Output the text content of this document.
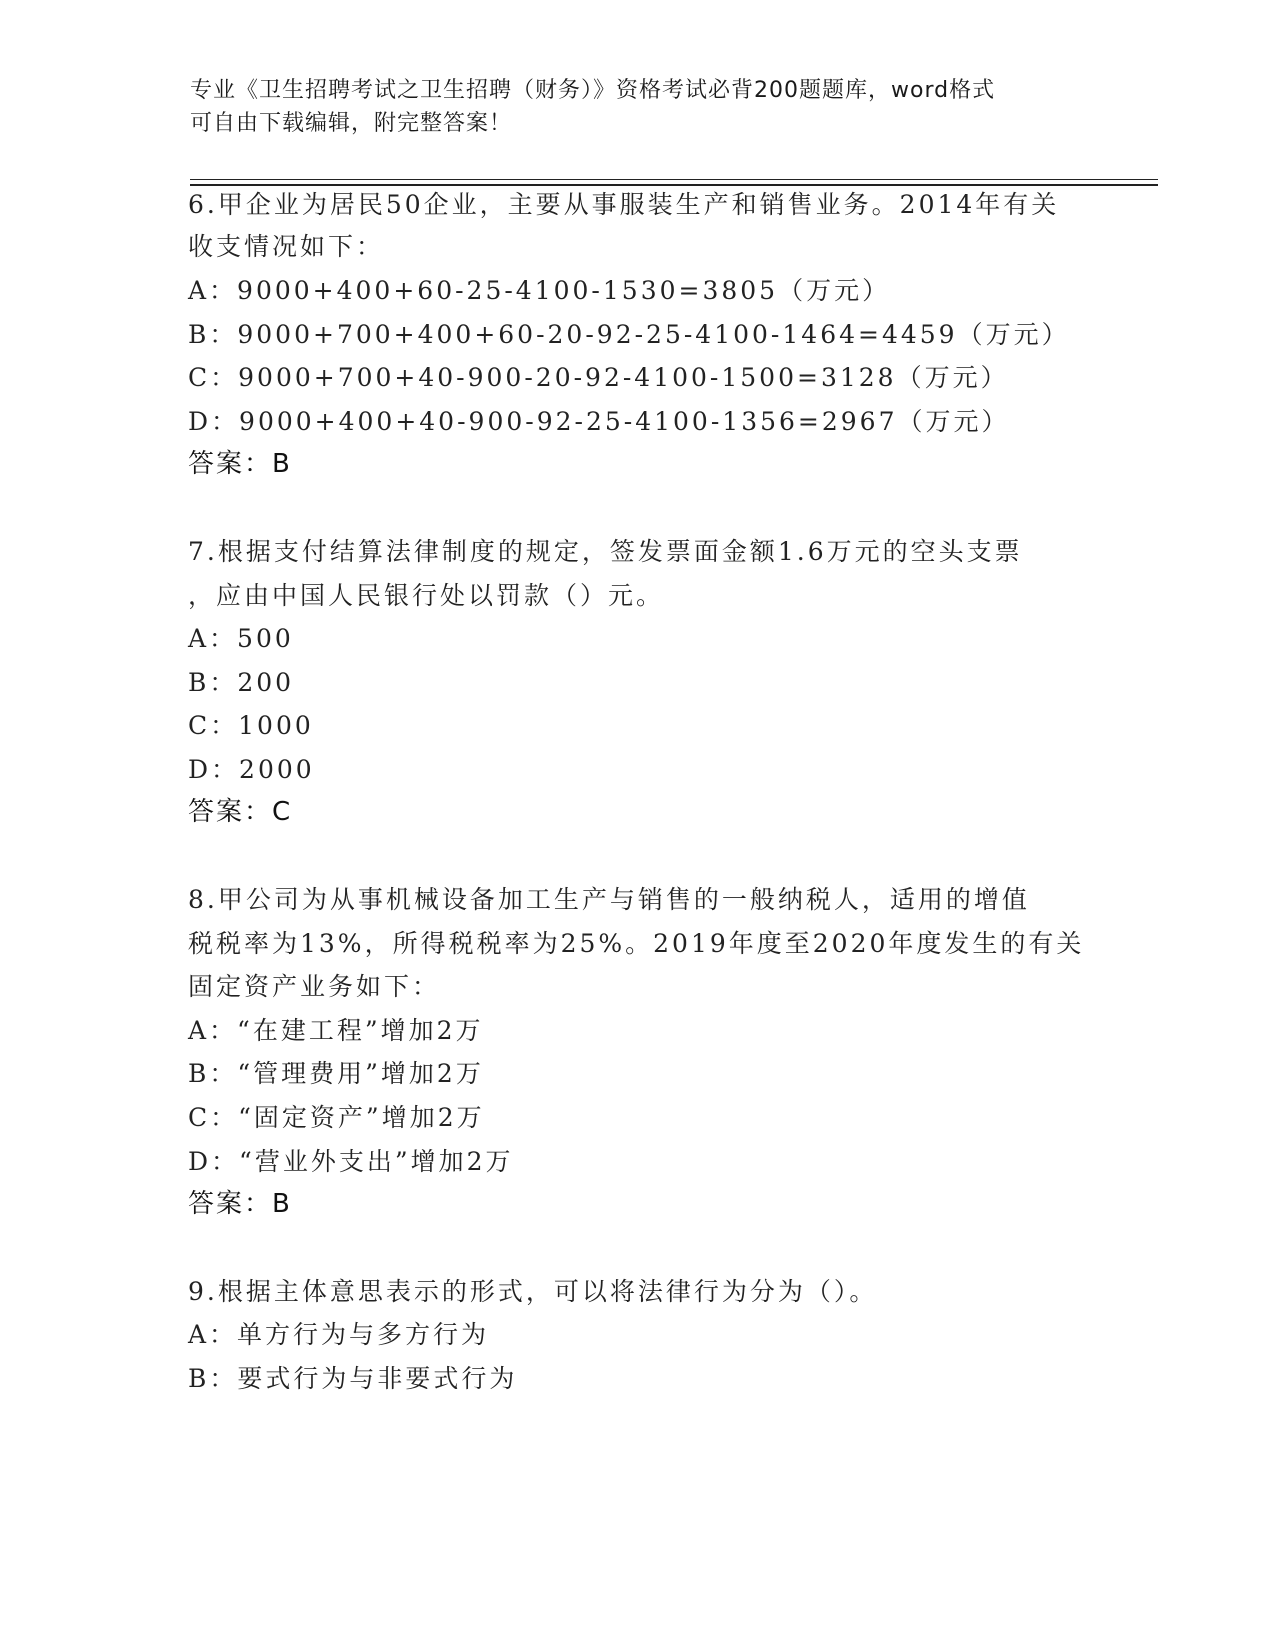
专业《卫生招聘考试之卫生招聘（财务）》资格考试必背200题题库，word格式

可自由下载编辑，附完整答案！

6.甲企业为居民50企业，主要从事服装生产和销售业务。2014年有关
收支情况如下：
A：9000+400+60-25-4100-1530=3805（万元）
B：9000+700+400+60-20-92-25-4100-1464=4459（万元）
C：9000+700+40-900-20-92-4100-1500=3128（万元）
D：9000+400+40-900-92-25-4100-1356=2967（万元）
答案：B
7.根据支付结算法律制度的规定，签发票面金额1.6万元的空头支票
，应由中国人民银行处以罚款（）元。
A：500
B：200
C：1000
D：2000
答案：C
8.甲公司为从事机械设备加工生产与销售的一般纳税人，适用的增值
税税率为13%，所得税税率为25%。2019年度至2020年度发生的有关
固定资产业务如下：
A：“在建工程”增加2万
B：“管理费用”增加2万
C：“固定资产”增加2万
D：“营业外支出”增加2万
答案：B
9.根据主体意思表示的形式，可以将法律行为分为（）。
A：单方行为与多方行为
B：要式行为与非要式行为
